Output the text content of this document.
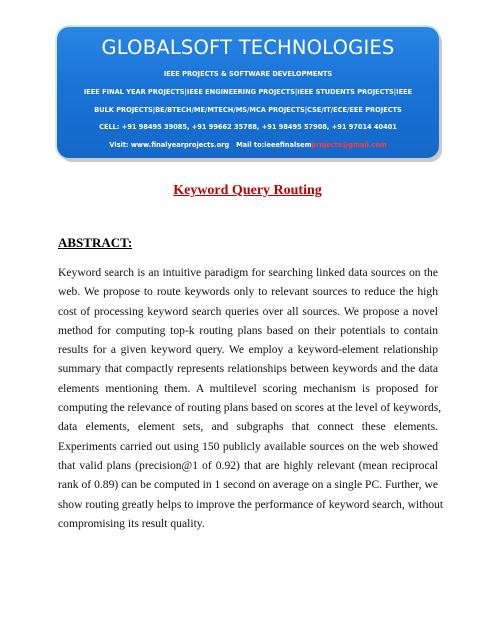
GLOBALSOFT TECHNOLOGIES
IEEE PROJECTS & SOFTWARE DEVELOPMENTS
IEEE FINAL YEAR PROJECTS|IEEE ENGINEERING PROJECTS|IEEE STUDENTS PROJECTS|IEEE
BULK PROJECTS|BE/BTECH/ME/MTECH/MS/MCA PROJECTS|CSE/IT/ECE/EEE PROJECTS
CELL: +91 98495 39085, +91 99662 35788, +91 98495 57908, +91 97014 40401
Visit: www.finalyearprojects.org Mail to:ieeefinalsemprojects@gmail.com
Keyword Query Routing
ABSTRACT:
Keyword search is an intuitive paradigm for searching linked data sources on the
web. We propose to route keywords only to relevant sources to reduce the high
cost of processing keyword search queries over all sources. We propose a novel
method for computing top-k routing plans based on their potentials to contain
results for a given keyword query. We employ a keyword-element relationship
summary that compactly represents relationships between keywords and the data
elements mentioning them. A multilevel scoring mechanism is proposed for
computing the relevance of routing plans based on scores at the level of keywords,
data elements, element sets, and subgraphs that connect these elements.
Experiments carried out using 150 publicly available sources on the web showed
that valid plans (precision@1 of 0.92) that are highly relevant (mean reciprocal
rank of 0.89) can be computed in 1 second on average on a single PC. Further, we
show routing greatly helps to improve the performance of keyword search, without
compromising its result quality.
